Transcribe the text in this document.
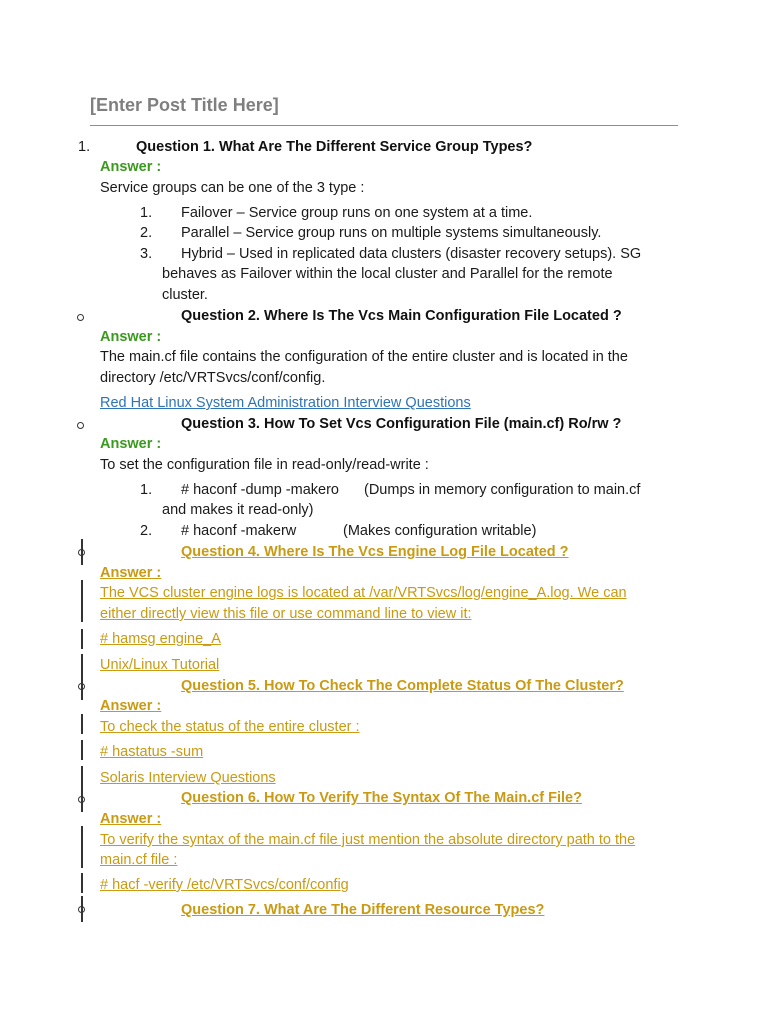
[Enter Post Title Here]
1.	Question 1. What Are The Different Service Group Types?
Answer :
Service groups can be one of the 3 type :
1. Failover – Service group runs on one system at a time.
2. Parallel – Service group runs on multiple systems simultaneously.
3. Hybrid – Used in replicated data clusters (disaster recovery setups). SG
behaves as Failover within the local cluster and Parallel for the remote
cluster.
Question 2. Where Is The Vcs Main Configuration File Located ?
Answer :
The main.cf file contains the configuration of the entire cluster and is located in the
directory /etc/VRTSvcs/conf/config.
Red Hat Linux System Administration Interview Questions
Question 3. How To Set Vcs Configuration File (main.cf) Ro/rw ?
Answer :
To set the configuration file in read-only/read-write :
1. # haconf -dump -makero (Dumps in memory configuration to main.cf
and makes it read-only)
2. # haconf -makerw	(Makes configuration writable)
Question 4. Where Is The Vcs Engine Log File Located ?
Answer :
The VCS cluster engine logs is located at /var/VRTSvcs/log/engine_A.log. We can
either directly view this file or use command line to view it:
# hamsg engine_A
Unix/Linux Tutorial
Question 5. How To Check The Complete Status Of The Cluster?
Answer :
To check the status of the entire cluster :
# hastatus -sum
Solaris Interview Questions
Question 6. How To Verify The Syntax Of The Main.cf File?
Answer :
To verify the syntax of the main.cf file just mention the absolute directory path to the
main.cf file :
# hacf -verify /etc/VRTSvcs/conf/config
Question 7. What Are The Different Resource Types?
